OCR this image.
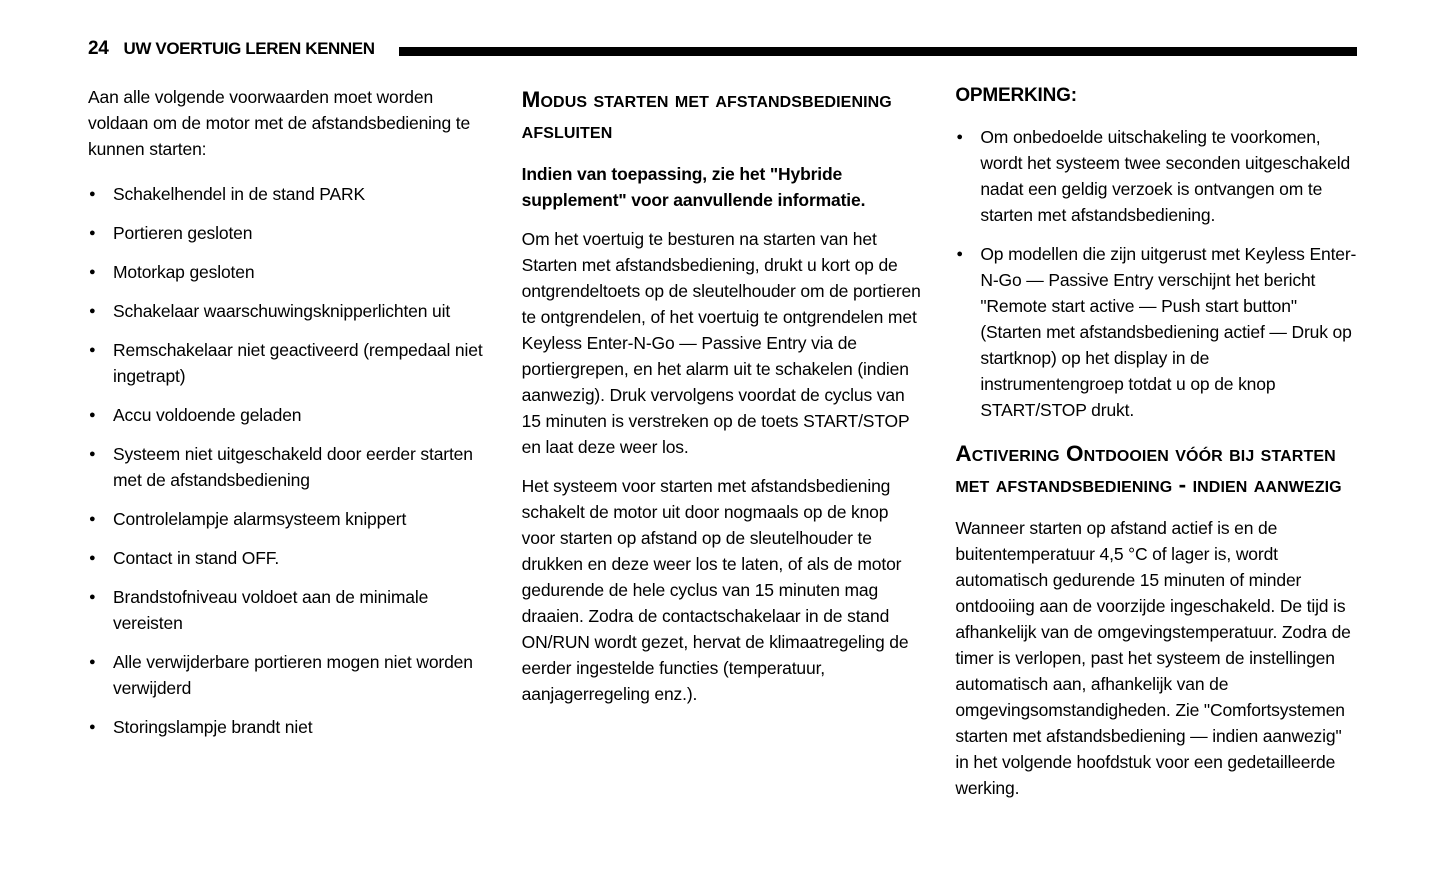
24 UW VOERTUIG LEREN KENNEN

Aan alle volgende voorwaarden moet worden voldaan om de motor met de afstandsbediening te kunnen starten:

● Schakelhendel in de stand PARK
● Portieren gesloten
● Motorkap gesloten
● Schakelaar waarschuwingsknipperlichten uit
● Remschakelaar niet geactiveerd (rempedaal niet ingetrapt)
● Accu voldoende geladen
● Systeem niet uitgeschakeld door eerder starten met de afstandsbediening
● Controlelampje alarmsysteem knippert
● Contact in stand OFF.
● Brandstofniveau voldoet aan de minimale vereisten
● Alle verwijderbare portieren mogen niet worden verwijderd
● Storingslampje brandt niet
Modus starten met afstandsbediening afsluiten

Indien van toepassing, zie het "Hybride supplement" voor aanvullende informatie.

Om het voertuig te besturen na starten van het Starten met afstandsbediening, drukt u kort op de ontgrendeltoets op de sleutelhouder om de portieren te ontgrendelen, of het voertuig te ontgrendelen met Keyless Enter-N-Go — Passive Entry via de portiergrepen, en het alarm uit te schakelen (indien aanwezig). Druk vervolgens voordat de cyclus van 15 minuten is verstreken op de toets START/STOP en laat deze weer los.

Het systeem voor starten met afstandsbediening schakelt de motor uit door nogmaals op de knop voor starten op afstand op de sleutelhouder te drukken en deze weer los te laten, of als de motor gedurende de hele cyclus van 15 minuten mag draaien. Zodra de contactschakelaar in de stand ON/RUN wordt gezet, hervat de klimaatregeling de eerder ingestelde functies (temperatuur, aanjagerregeling enz.).

OPMERKING:
● Om onbedoelde uitschakeling te voorkomen, wordt het systeem twee seconden uitgeschakeld nadat een geldig verzoek is ontvangen om te starten met afstandsbediening.
● Op modellen die zijn uitgerust met Keyless Enter-N-Go — Passive Entry verschijnt het bericht "Remote start active — Push start button" (Starten met afstandsbediening actief — Druk op startknop) op het display in de instrumentengroep totdat u op de knop START/STOP drukt.
Activering Ontdooien vóór bij starten met afstandsbediening - indien aanwezig

Wanneer starten op afstand actief is en de buitentemperatuur 4,5 °C of lager is, wordt automatisch gedurende 15 minuten of minder ontdooiing aan de voorzijde ingeschakeld. De tijd is afhankelijk van de omgevingstemperatuur. Zodra de timer is verlopen, past het systeem de instellingen automatisch aan, afhankelijk van de omgevingsomstandigheden. Zie "Comfortsystemen starten met afstandsbediening — indien aanwezig" in het volgende hoofdstuk voor een gedetailleerde werking.
